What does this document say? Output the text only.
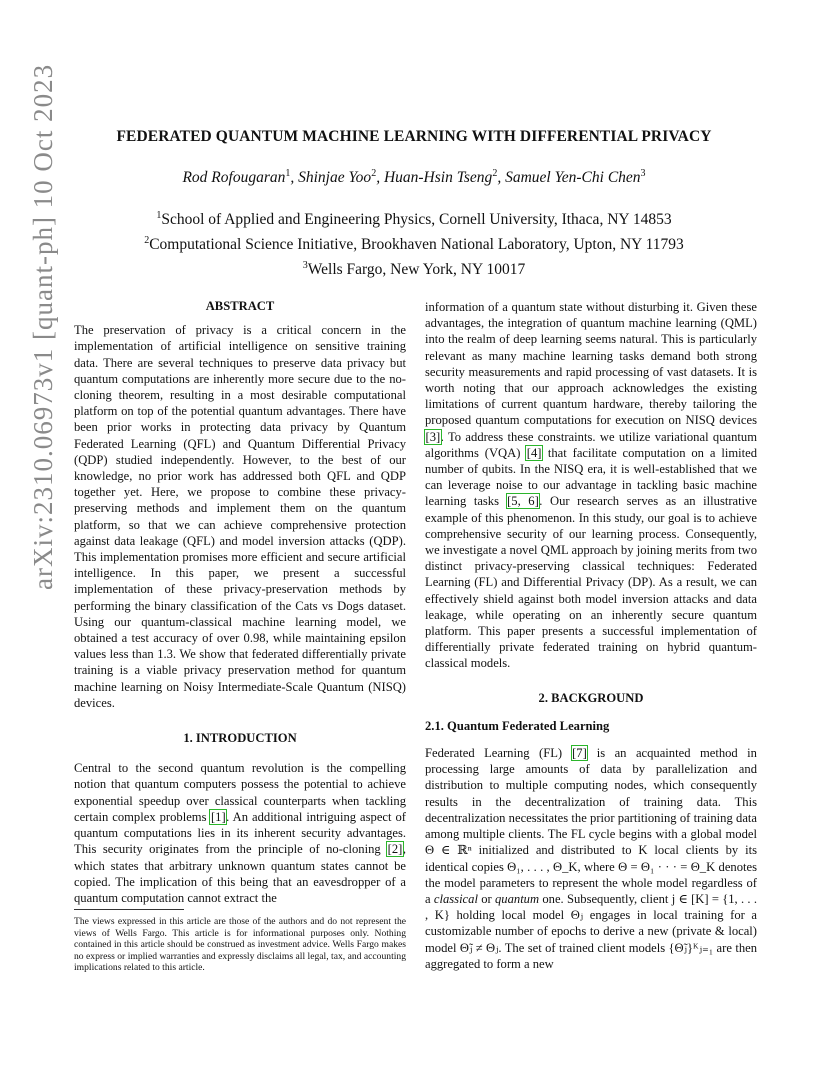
arXiv:2310.06973v1 [quant-ph] 10 Oct 2023	FEDERATED QUANTUM MACHINE LEARNING WITH DIFFERENTIAL PRIVACY
Rod Rofougaran$^1$, Shinjae Yoo$^2$, Huan-Hsin Tseng$^2$, Samuel Yen-Chi Chen$^3$
$^1$School of Applied and Engineering Physics, Cornell University, Ithaca, NY 14853
$^2$Computational Science Initiative, Brookhaven National Laboratory, Upton, NY 11793
$^3$Wells Fargo, New York, NY 10017
ABSTRACT

The preservation of privacy is a critical concern in the implementation of artificial intelligence on sensitive training data. There are several techniques to preserve data privacy but quantum computations are inherently more secure due to the no-cloning theorem, resulting in a most desirable computational platform on top of the potential quantum advantages. There have been prior works in protecting data privacy by Quantum Federated Learning (QFL) and Quantum Differential Privacy (QDP) studied independently. However, to the best of our knowledge, no prior work has addressed both QFL and QDP together yet. Here, we propose to combine these privacy-preserving methods and implement them on the quantum platform, so that we can achieve comprehensive protection against data leakage (QFL) and model inversion attacks (QDP). This implementation promises more efficient and secure artificial intelligence. In this paper, we present a successful implementation of these privacy-preservation methods by performing the binary classification of the Cats vs Dogs dataset. Using our quantum-classical machine learning model, we obtained a test accuracy of over 0.98, while maintaining epsilon values less than 1.3. We show that federated differentially private training is a viable privacy preservation method for quantum machine learning on Noisy Intermediate-Scale Quantum (NISQ) devices.

1. INTRODUCTION

Central to the second quantum revolution is the compelling notion that quantum computers possess the potential to achieve exponential speedup over classical counterparts when tackling certain complex problems [1]. An additional intriguing aspect of quantum computations lies in its inherent security advantages. This security originates from the principle of no-cloning [2], which states that arbitrary unknown quantum states cannot be copied. The implication of this being that an eavesdropper of a quantum computation cannot extract the

information of a quantum state without disturbing it. Given these advantages, the integration of quantum machine learning (QML) into the realm of deep learning seems natural. This is particularly relevant as many machine learning tasks demand both strong security measurements and rapid processing of vast datasets. It is worth noting that our approach acknowledges the existing limitations of current quantum hardware, thereby tailoring the proposed quantum computations for execution on NISQ devices [3]. To address these constraints. we utilize variational quantum algorithms (VQA) [4] that facilitate computation on a limited number of qubits. In the NISQ era, it is well-established that we can leverage noise to our advantage in tackling basic machine learning tasks [5, 6]. Our research serves as an illustrative example of this phenomenon. In this study, our goal is to achieve comprehensive security of our learning process. Consequently, we investigate a novel QML approach by joining merits from two distinct privacy-preserving classical techniques: Federated Learning (FL) and Differential Privacy (DP). As a result, we can effectively shield against both model inversion attacks and data leakage, while operating on an inherently secure quantum platform. This paper presents a successful implementation of differentially private federated training on hybrid quantum-classical models.

2. BACKGROUND
2.1. Quantum Federated Learning

Federated Learning (FL) [7] is an acquainted method in processing large amounts of data by parallelization and distribution to multiple computing nodes, which consequently results in the decentralization of training data. This decentralization necessitates the prior partitioning of training data among multiple clients. The FL cycle begins with a global model Θ ∈ ℝⁿ initialized and distributed to K local clients by its identical copies Θ₁, . . . , Θ_K, where Θ = Θ₁ · · · = Θ_K denotes the model parameters to represent the whole model regardless of a classical or quantum one. Subsequently, client j ∈ [K] = {1, . . . , K} holding local model Θⱼ engages in local training for a customizable number of epochs to derive a new (private & local) model Θ̃ⱼ ≠ Θⱼ. The set of trained client models {Θ̃ⱼ}ᴷⱼ₌₁ are then aggregated to form a new

The views expressed in this article are those of the authors and do not represent the views of Wells Fargo. This article is for informational purposes only. Nothing contained in this article should be construed as investment advice. Wells Fargo makes no express or implied warranties and expressly disclaims all legal, tax, and accounting implications related to this article.
